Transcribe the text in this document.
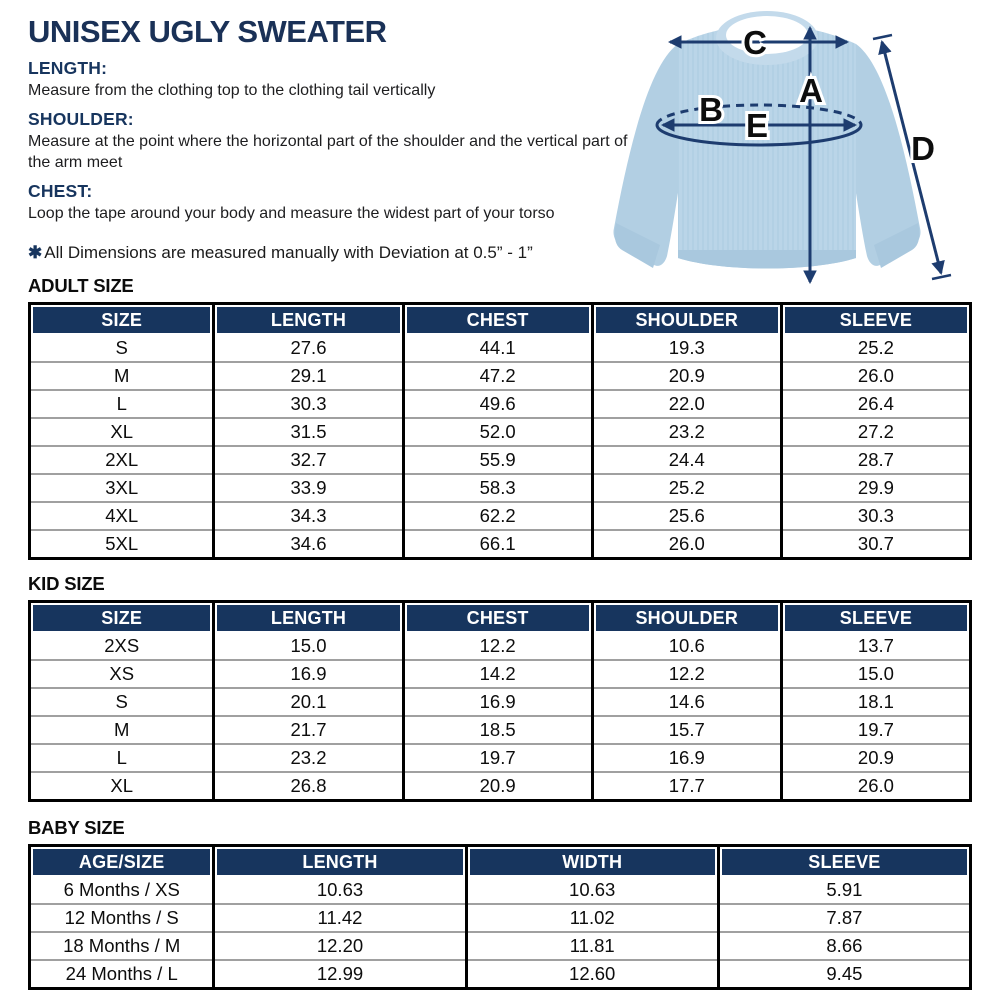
UNISEX UGLY SWEATER
LENGTH:

Measure from the clothing top to the clothing tail vertically

SHOULDER:

Measure at the point where the horizontal part of the shoulder and the vertical part of the arm meet

CHEST:

Loop the tape around your body and measure the widest part of your torso

✱ All Dimensions are measured manually with Deviation at 0.5” - 1”

C
A
B E
D
ADULT SIZE
SIZE	LENGTH	CHEST	SHOULDER	SLEEVE
S	27.6	44.1	19.3	25.2
M	29.1	47.2	20.9	26.0
L	30.3	49.6	22.0	26.4
XL	31.5	52.0	23.2	27.2
2XL	32.7	55.9	24.4	28.7
3XL	33.9	58.3	25.2	29.9
4XL	34.3	62.2	25.6	30.3
5XL	34.6	66.1	26.0	30.7
KID SIZE
SIZE	LENGTH	CHEST	SHOULDER	SLEEVE
2XS	15.0	12.2	10.6	13.7
XS	16.9	14.2	12.2	15.0
S	20.1	16.9	14.6	18.1
M	21.7	18.5	15.7	19.7
L	23.2	19.7	16.9	20.9
XL	26.8	20.9	17.7	26.0
BABY SIZE
AGE/SIZE	LENGTH	WIDTH	SLEEVE
6 Months / XS	10.63	10.63	5.91
12 Months / S	11.42	11.02	7.87
18 Months / M	12.20	11.81	8.66
24 Months / L	12.99	12.60	9.45
